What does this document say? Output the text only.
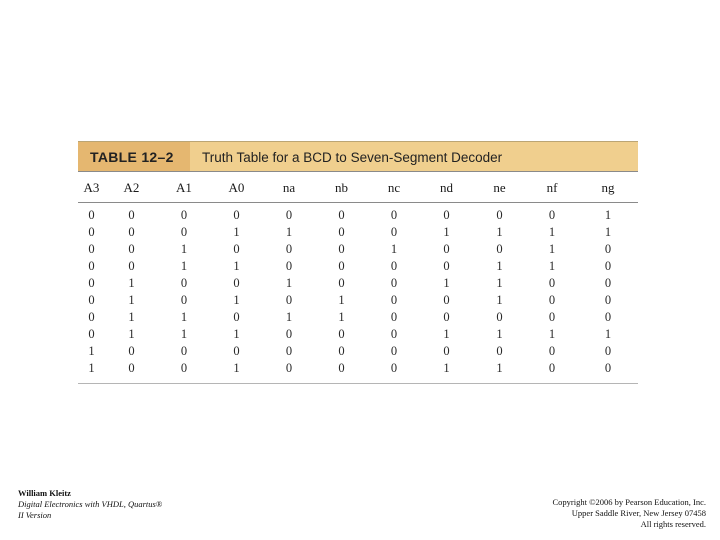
TABLE 12–2	Truth Table for a BCD to Seven-Segment Decoder
A3	A2	A1	A0	na	nb	nc	nd	ne	nf	ng
0	0	0	0	0	0	0	0	0	0	1
0	0	0	1	1	0	0	1	1	1	1
0	0	1	0	0	0	1	0	0	1	0
0	0	1	1	0	0	0	0	1	1	0
0	1	0	0	1	0	0	1	1	0	0
0	1	0	1	0	1	0	0	1	0	0
0	1	1	0	1	1	0	0	0	0	0
0	1	1	1	0	0	0	1	1	1	1
1	0	0	0	0	0	0	0	0	0	0
1	0	0	1	0	0	0	1	1	0	0
William Kleitz
Digital Electronics with VHDL, Quartus®
II Version
Copyright ©2006 by Pearson Education, Inc.
Upper Saddle River, New Jersey 07458
All rights reserved.
